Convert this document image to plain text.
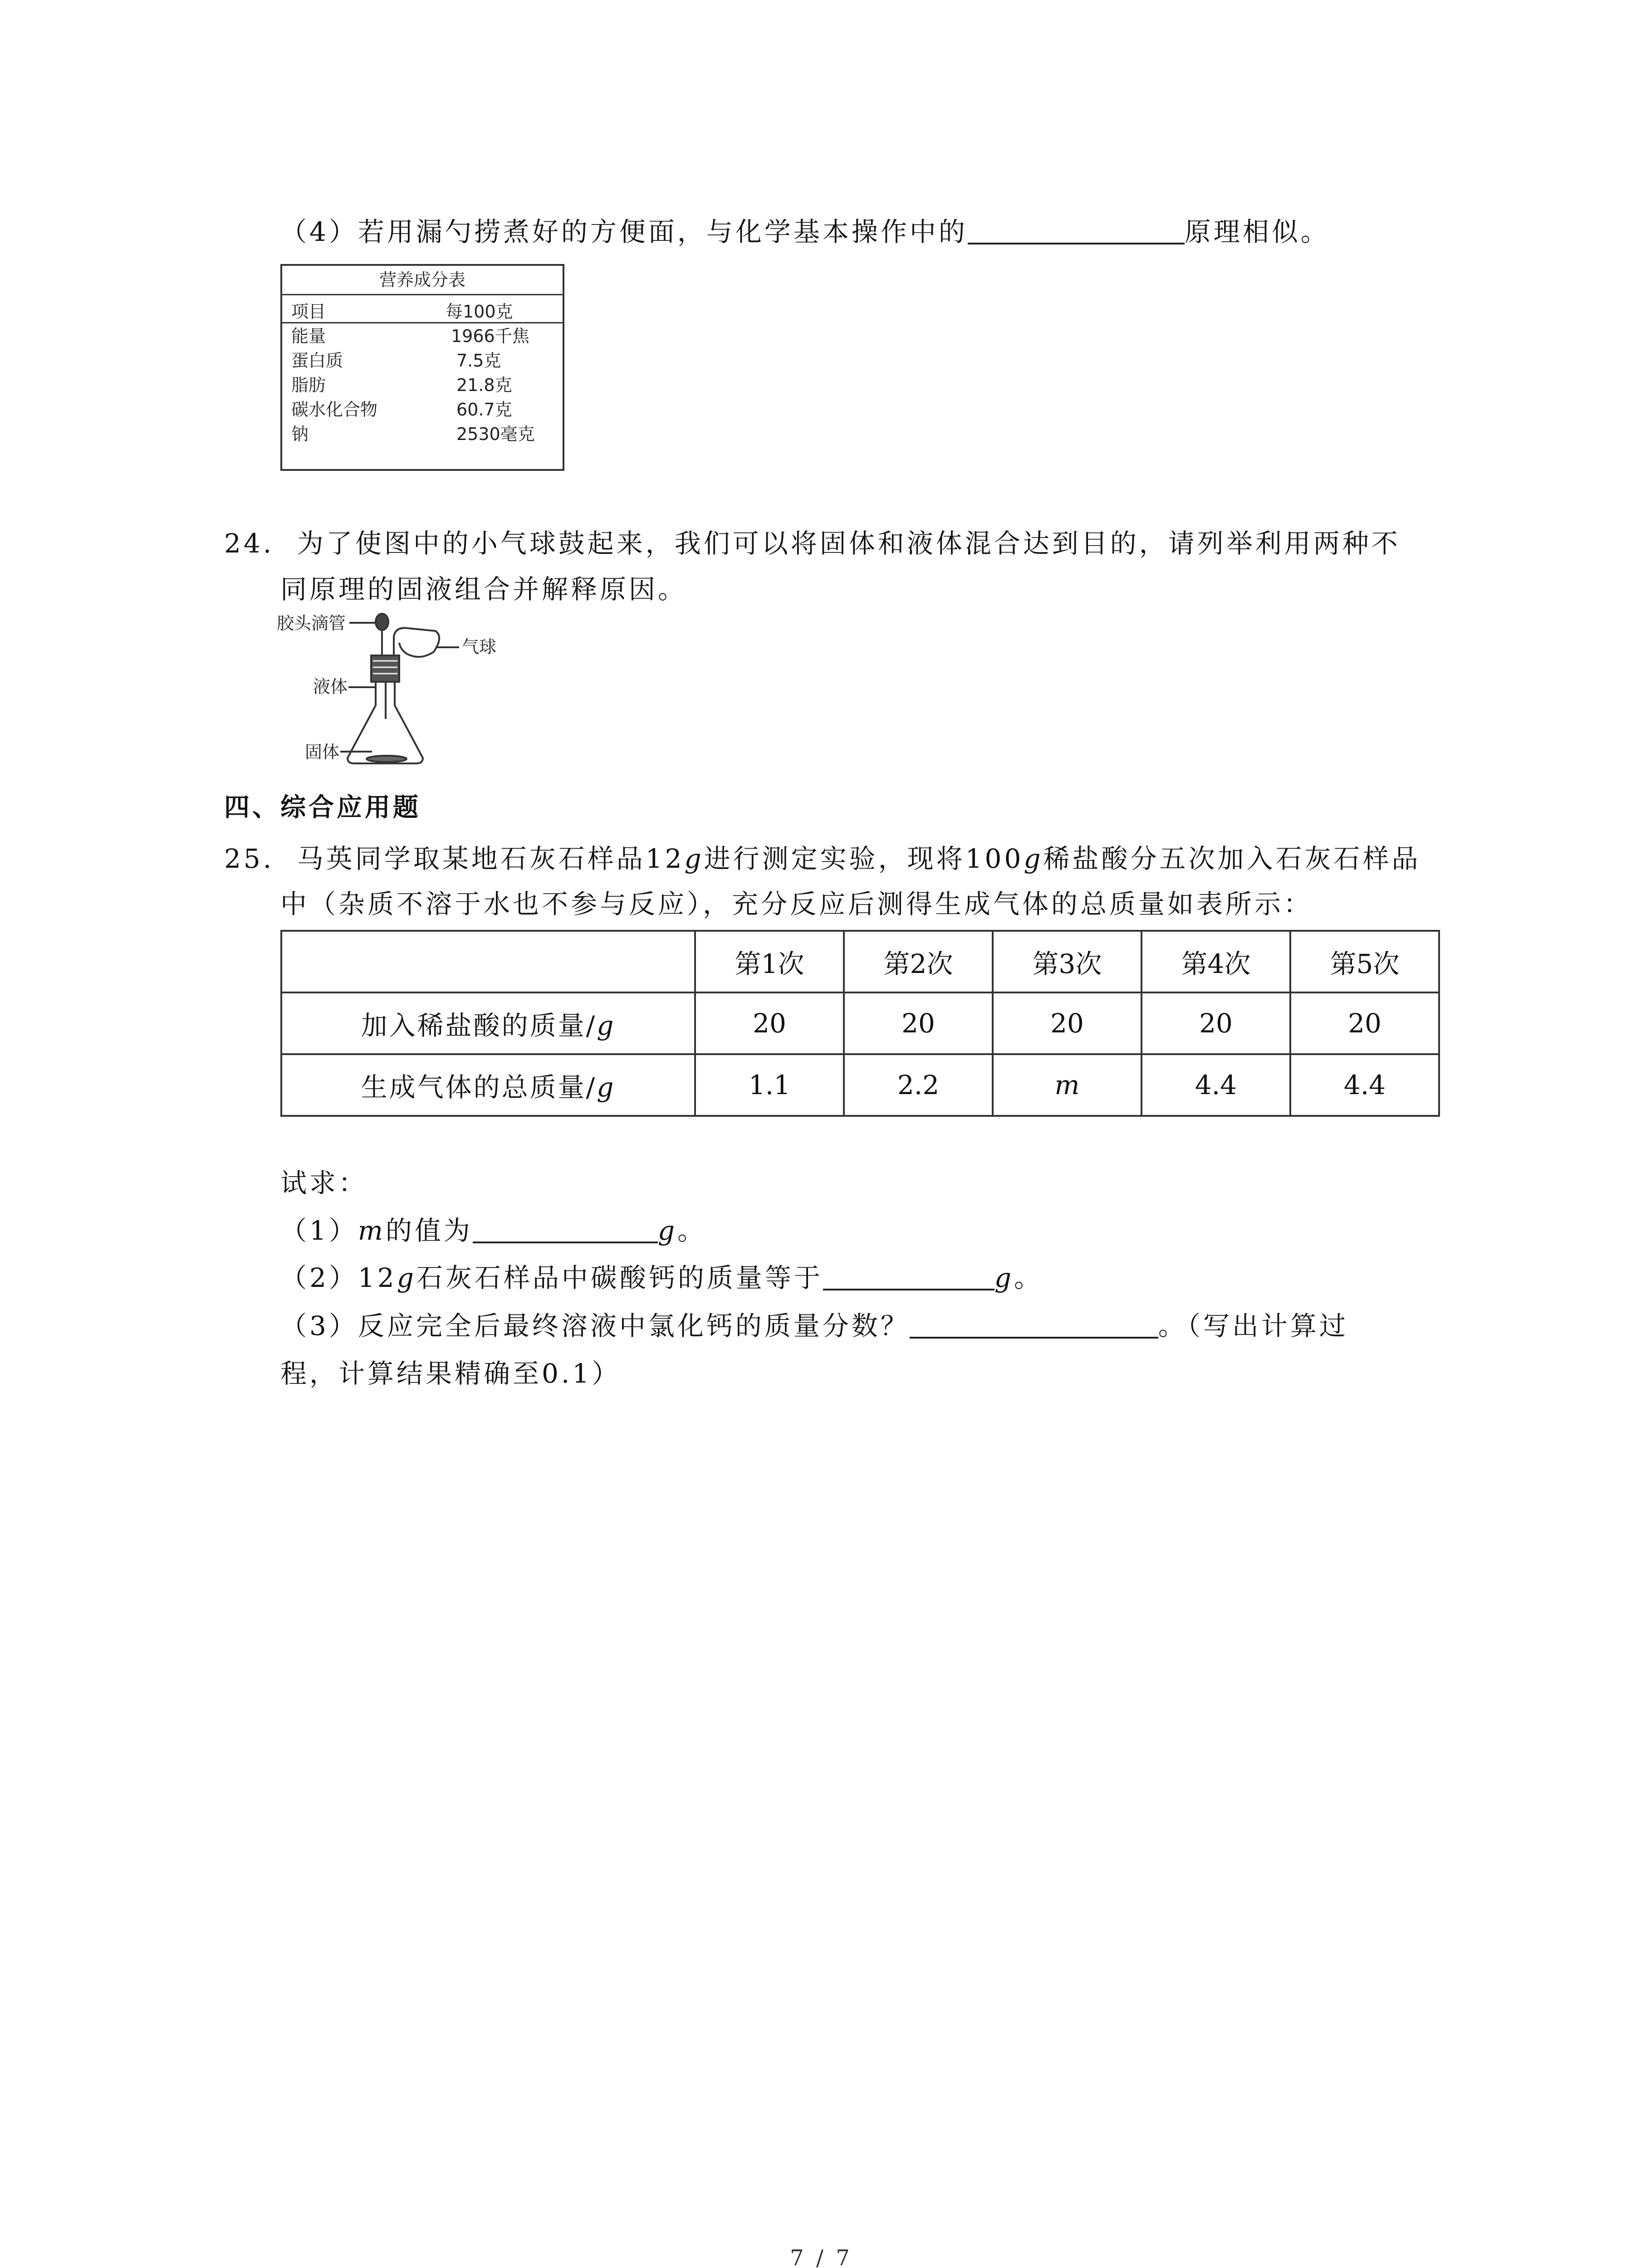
（4）若用漏勺捞煮好的方便面，与化学基本操作中的	原理相似。
营养成分表
项目	每100克
能量	1966千焦
蛋白质	7.5克
脂肪	21.8克
碳水化合物	60.7克
钠	2530毫克
24. 为了使图中的小气球鼓起来，我们可以将固体和液体混合达到目的，请列举利用两种不
同原理的固液组合并解释原因。
胶头滴管
气球
液体
固体
四、综合应用题
25. 马英同学取某地石灰石样品12g进行测定实验，现将100g稀盐酸分五次加入石灰石样品
中（杂质不溶于水也不参与反应），充分反应后测得生成气体的总质量如表所示：
	第1次	第2次	第3次	第4次	第5次
加入稀盐酸的质量/g	20	20	20	20	20
生成气体的总质量/g	1.1	2.2	m	4.4	4.4
试求：
（1）m的值为	g。
（2）12g石灰石样品中碳酸钙的质量等于	g。
（3）反应完全后最终溶液中氯化钙的质量分数？	。（写出计算过
程，计算结果精确至0.1）
7 / 7
